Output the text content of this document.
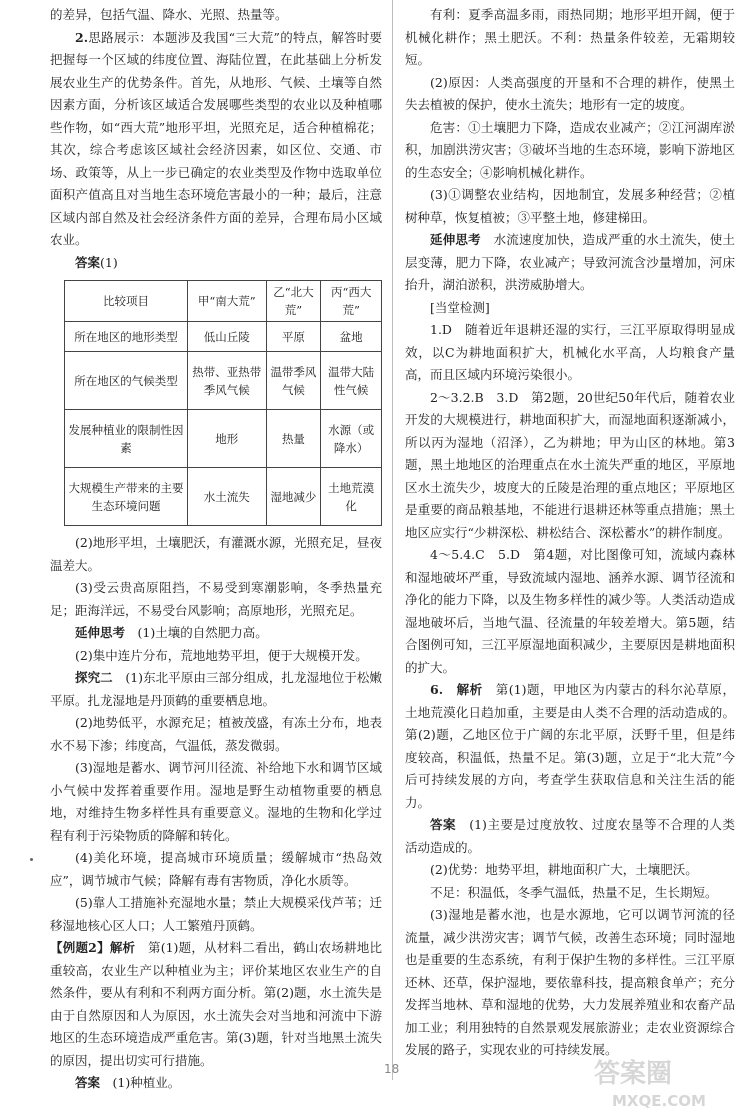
的差异，包括气温、降水、光照、热量等。

2.思路展示：本题涉及我国“三大荒”的特点，解答时要把握每一个区域的纬度位置、海陆位置，在此基础上分析发展农业生产的优势条件。首先，从地形、气候、土壤等自然因素方面，分析该区域适合发展哪些类型的农业以及种植哪些作物，如“西大荒”地形平坦，光照充足，适合种植棉花；其次，综合考虑该区域社会经济因素，如区位、交通、市场、政策等，从上一步已确定的农业类型及作物中选取单位面积产值高且对当地生态环境危害最小的一种；最后，注意区域内部自然及社会经济条件方面的差异，合理布局小区域农业。

答案(1)

比较项目	甲“南大荒”	乙“北大荒”	丙“西大荒”
所在地区的地形类型	低山丘陵	平原	盆地
所在地区的气候类型	热带、亚热带季风气候	温带季风气候	温带大陆性气候
发展种植业的限制性因素	地形	热量	水源（或降水）
大规模生产带来的主要生态环境问题	水土流失	湿地减少	土地荒漠化

(2)地形平坦，土壤肥沃，有灌溉水源，光照充足，昼夜温差大。

(3)受云贵高原阻挡，不易受到寒潮影响，冬季热量充足；距海洋远，不易受台风影响；高原地形，光照充足。

延伸思考　 (1)土壤的自然肥力高。

(2)集中连片分布，荒地地势平坦，便于大规模开发。

探究二　 (1)东北平原由三部分组成，扎龙湿地位于松嫩平原。扎龙湿地是丹顶鹤的重要栖息地。

(2)地势低平，水源充足；植被茂盛，有冻土分布，地表水不易下渗；纬度高，气温低，蒸发微弱。

(3)湿地是蓄水、调节河川径流、补给地下水和调节区域小气候中发挥着重要作用。湿地是野生动植物重要的栖息地，对维持生物多样性具有重要意义。湿地的生物和化学过程有利于污染物质的降解和转化。

(4)美化环境，提高城市环境质量；缓解城市“热岛效应”，调节城市气候；降解有毒有害物质，净化水质等。

(5)靠人工措施补充湿地水量；禁止大规模采伐芦苇；迁移湿地核心区人口；人工繁殖丹顶鹤。

【例题2】解析　 第(1)题，从材料二看出，鹤山农场耕地比重较高，农业生产以种植业为主；评价某地区农业生产的自然条件，要从有利和不利两方面分析。第(2)题，水土流失是由于自然原因和人为原因，水土流失会对当地和河流中下游地区的生态环境造成严重危害。第(3)题，针对当地黑土流失的原因，提出切实可行措施。

答案　 (1)种植业。

有利：夏季高温多雨，雨热同期；地形平坦开阔，便于机械化耕作；黑土肥沃。不利：热量条件较差，无霜期较短。

(2)原因：人类高强度的开垦和不合理的耕作，使黑土失去植被的保护，使水土流失；地形有一定的坡度。

危害：①土壤肥力下降，造成农业减产；②江河湖库淤积，加剧洪涝灾害；③破坏当地的生态环境，影响下游地区的生态安全；④影响机械化耕作。

(3)①调整农业结构，因地制宜，发展多种经营；②植树种草，恢复植被；③平整土地，修建梯田。

延伸思考　 水流速度加快，造成严重的水土流失，使土层变薄，肥力下降，农业减产；导致河流含沙量增加，河床抬升，湖泊淤积，洪涝威胁增大。

[当堂检测]

1.D　随着近年退耕还湿的实行，三江平原取得明显成效，以C为耕地面积扩大，机械化水平高，人均粮食产量高，而且区域内环境污染很小。

2～3.2.B　3.D　第2题，20世纪50年代后，随着农业开发的大规模进行，耕地面积扩大，而湿地面积逐渐减小，所以丙为湿地（沼泽），乙为耕地；甲为山区的林地。第3题，黑土地地区的治理重点在水土流失严重的地区，平原地区水土流失少，坡度大的丘陵是治理的重点地区；平原地区是重要的商品粮基地，不能进行退耕还林等重点措施；黑土地区应实行“少耕深松、耕松结合、深松蓄水”的耕作制度。

4～5.4.C　5.D　第4题，对比图像可知，流域内森林和湿地破坏严重，导致流域内湿地、涵养水源、调节径流和净化的能力下降，以及生物多样性的减少等。人类活动造成湿地破坏后，当地气温、径流量的年较差增大。第5题，结合图例可知，三江平原湿地面积减少，主要原因是耕地面积的扩大。

6.　 解析　 第(1)题，甲地区为内蒙古的科尔沁草原，土地荒漠化日趋加重，主要是由人类不合理的活动造成的。第(2)题，乙地区位于广阔的东北平原，沃野千里，但是纬度较高，积温低，热量不足。第(3)题，立足于“北大荒”今后可持续发展的方向，考查学生获取信息和关注生活的能力。

答案　 (1)主要是过度放牧、过度农垦等不合理的人类活动造成的。

(2)优势：地势平坦，耕地面积广大，土壤肥沃。

不足：积温低，冬季气温低，热量不足，生长期短。

(3)湿地是蓄水池，也是水源地，它可以调节河流的径流量，减少洪涝灾害；调节气候，改善生态环境；同时湿地也是重要的生态系统，有利于保护生物的多样性。三江平原还林、还草，保护湿地，要依靠科技，提高粮食单产；充分发挥当地林、草和湿地的优势，大力发展养殖业和农畜产品加工业；利用独特的自然景观发展旅游业；走农业资源综合发展的路子，实现农业的可持续发展。

18	答案圈
MXQE.COM
